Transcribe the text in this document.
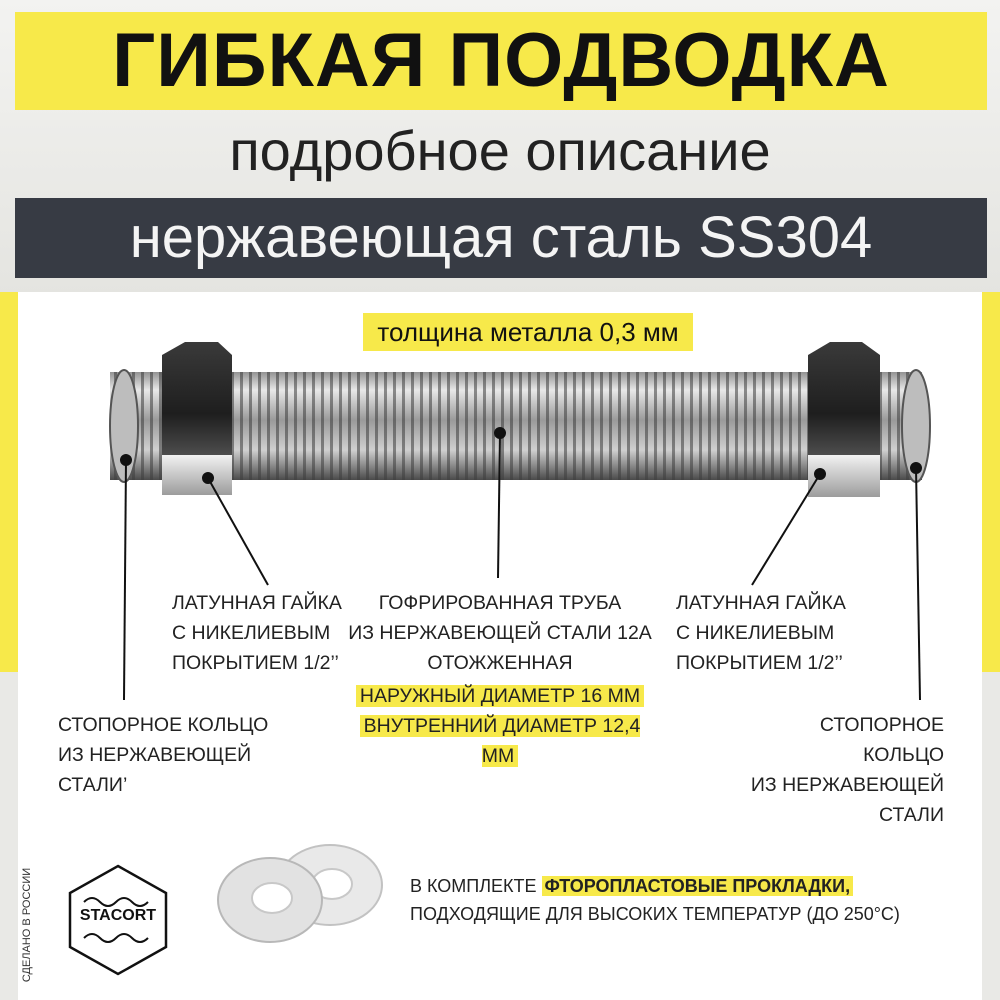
ГИБКАЯ ПОДВОДКА
подробное описание
нержавеющая сталь SS304
толщина металла 0,3 мм
ЛАТУННАЯ ГАЙКА
С НИКЕЛИЕВЫМ
ПОКРЫТИЕМ 1/2’’
ГОФРИРОВАННАЯ ТРУБА
ИЗ НЕРЖАВЕЮЩЕЙ СТАЛИ 12А
ОТОЖЖЕННАЯ
НАРУЖНЫЙ ДИАМЕТР 16 ММ
ВНУТРЕННИЙ ДИАМЕТР 12,4 ММ
ЛАТУННАЯ ГАЙКА
С НИКЕЛИЕВЫМ
ПОКРЫТИЕМ 1/2’’
СТОПОРНОЕ КОЛЬЦО
ИЗ НЕРЖАВЕЮЩЕЙ
СТАЛИ’
СТОПОРНОЕ КОЛЬЦО
ИЗ НЕРЖАВЕЮЩЕЙ
СТАЛИ
СДЕЛАНО В РОССИИ	STACORT
В КОМПЛЕКТЕ ФТОРОПЛАСТОВЫЕ ПРОКЛАДКИ,
ПОДХОДЯЩИЕ ДЛЯ ВЫСОКИХ ТЕМПЕРАТУР (ДО 250°С)
